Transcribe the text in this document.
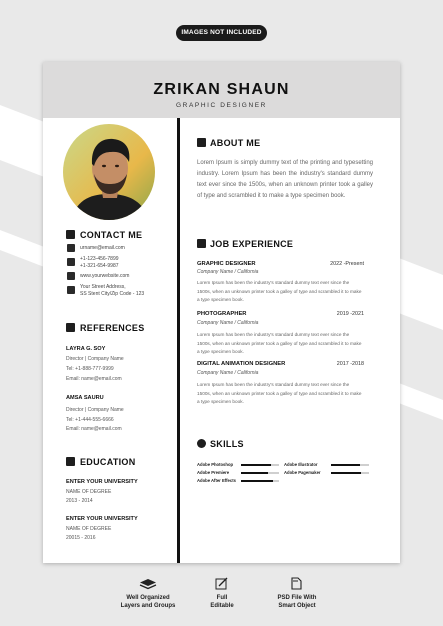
IMAGES NOT INCLUDED
ZRIKAN SHAUN
GRAPHIC DESIGNER
CONTACT ME
urname@email.com
+1-123-456-7899
+1-321-654-9987
www.yourwebsite.com
Your Street Address,
SS Stent City/Zip Code - 123
REFERENCES
LAYRA G. SOY
Director | Company Name
Tel: +1-888-777-9999
Email: name@email.com
AMSA SAURU
Director | Company Name
Tel: +1-444-555-6666
Email: name@email.com
EDUCATION
ENTER YOUR UNIVERSITY
NAME OF DEGREE
2013 - 2014
ENTER YOUR UNIVERSITY
NAME OF DEGREE
20015 - 2016
ABOUT ME
Lorem Ipsum is simply dummy text of the printing and typesetting industry. Lorem Ipsum has been the industry's standard dummy text ever since the 1500s, when an unknown printer took a galley of type and scrambled it to make a type specimen book.
JOB EXPERIENCE
GRAPHIC DESIGNER	2022 -Present
Company Name / California
Lorem Ipsum has been the industry's standard dummy text ever since the 1500s, when an unknown printer took a galley of type and scrambled it to make a type specimen book.
PHOTOGRAPHER	2019 -2021
Company Name / California
Lorem Ipsum has been the industry's standard dummy text ever since the 1500s, when an unknown printer took a galley of type and scrambled it to make a type specimen book.
DIGITAL ANIMATION DESIGNER	2017 -2018
Company Name / California
Lorem Ipsum has been the industry's standard dummy text ever since the 1500s, when an unknown printer took a galley of type and scrambled it to make a type specimen book.
SKILLS
Adobe Photoshop	Adobe Illustrator
Adobe Premiere	Adobe Pagemaker
Adobe After Effects
Well Organized
Layers and Groups
Full
Editable
PSD File With
Smart Object
